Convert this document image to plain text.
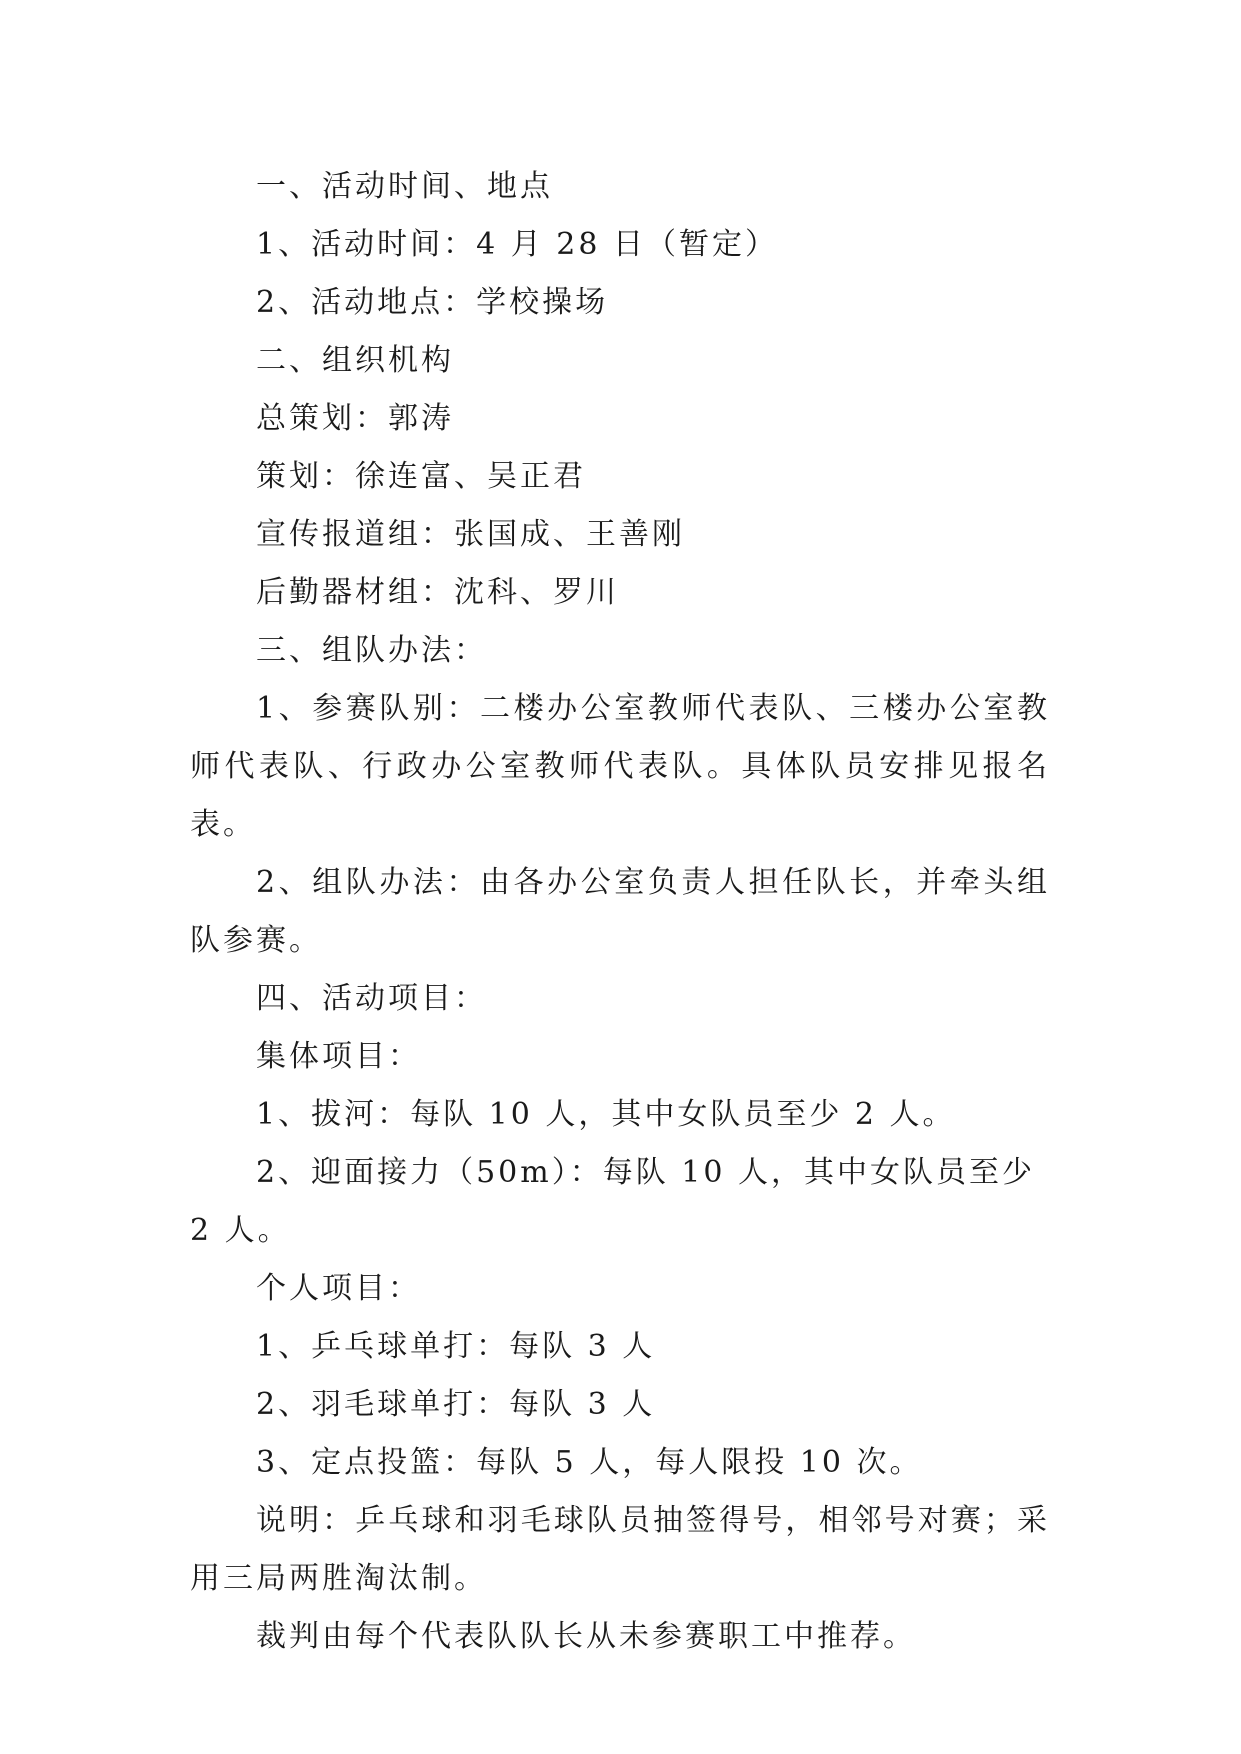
一、活动时间、地点

1、活动时间：4 月 28 日（暂定）

2、活动地点：学校操场

二、组织机构

总策划：郭涛

策划：徐连富、吴正君

宣传报道组：张国成、王善刚

后勤器材组：沈科、罗川

三、组队办法：

1、参赛队别：二楼办公室教师代表队、三楼办公室教师代表队、行政办公室教师代表队。具体队员安排见报名表。

2、组队办法：由各办公室负责人担任队长，并牵头组队参赛。

四、活动项目：

集体项目：

1、拔河：每队 10 人，其中女队员至少 2 人。

2、迎面接力（50m）：每队 10 人，其中女队员至少 2 人。

个人项目：

1、乒乓球单打：每队 3 人

2、羽毛球单打：每队 3 人

3、定点投篮：每队 5 人，每人限投 10 次。

说明：乒乓球和羽毛球队员抽签得号，相邻号对赛；采用三局两胜淘汰制。

裁判由每个代表队队长从未参赛职工中推荐。
